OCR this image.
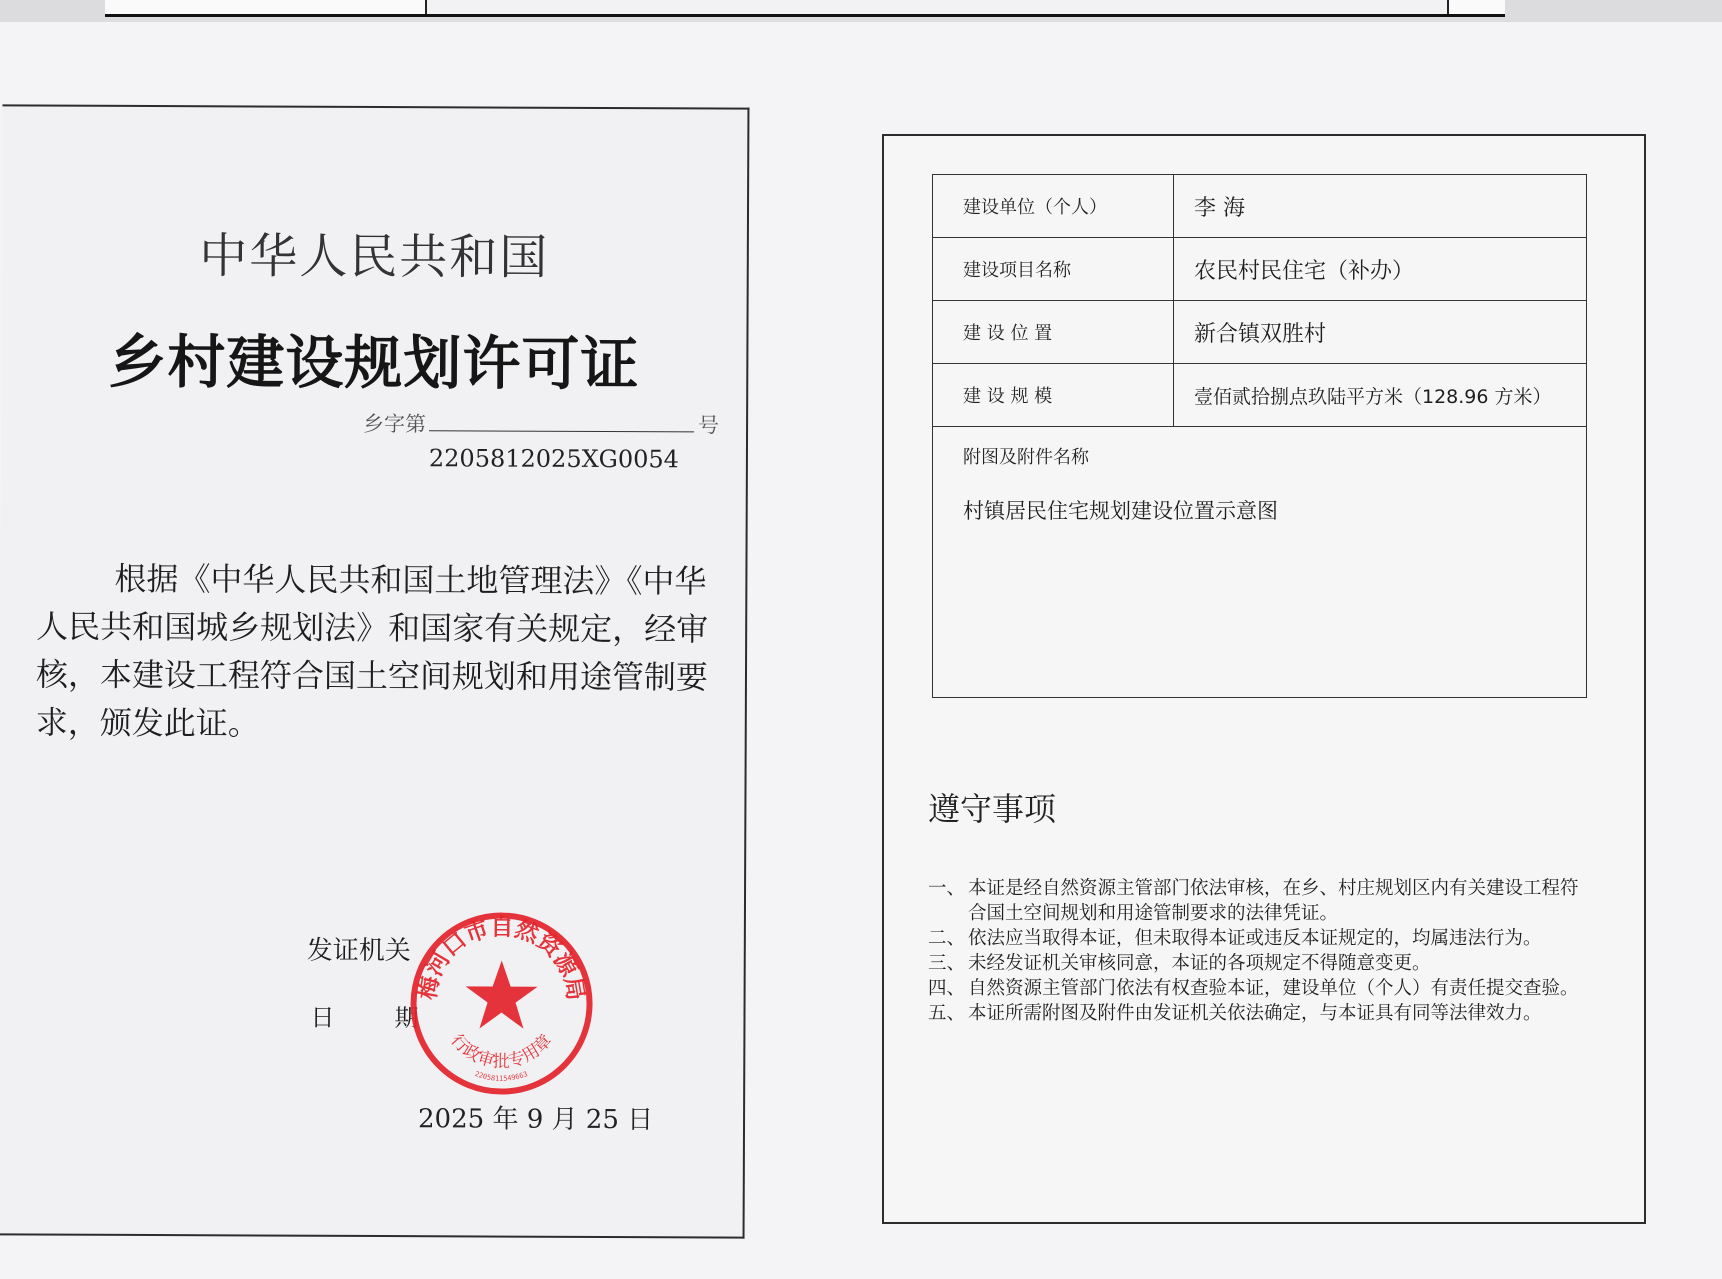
中华人民共和国
乡村建设规划许可证
乡字第	号
2205812025XG0054
根据《中华人民共和国土地管理法》《中华人民共和国城乡规划法》和国家有关规定，经审核，本建设工程符合国土空间规划和用途管制要求，颁发此证。
发证机关
日期
2025 年 9 月 25 日
梅河口市自然资源局
行政审批专用章
2205811549663
建设单位（个人）	李 海
建设项目名称	农民村民住宅（补办）
建 设 位 置	新合镇双胜村
建 设 规 模	壹佰贰拾捌点玖陆平方米（128.96 方米）

附图及附件名称
村镇居民住宅规划建设位置示意图	
遵守事项
一、 本证是经自然资源主管部门依法审核，在乡、村庄规划区内有关建设工程符合国土空间规划和用途管制要求的法律凭证。
二、 依法应当取得本证，但未取得本证或违反本证规定的，均属违法行为。
三、 未经发证机关审核同意，本证的各项规定不得随意变更。
四、 自然资源主管部门依法有权查验本证，建设单位（个人）有责任提交查验。
五、 本证所需附图及附件由发证机关依法确定，与本证具有同等法律效力。
